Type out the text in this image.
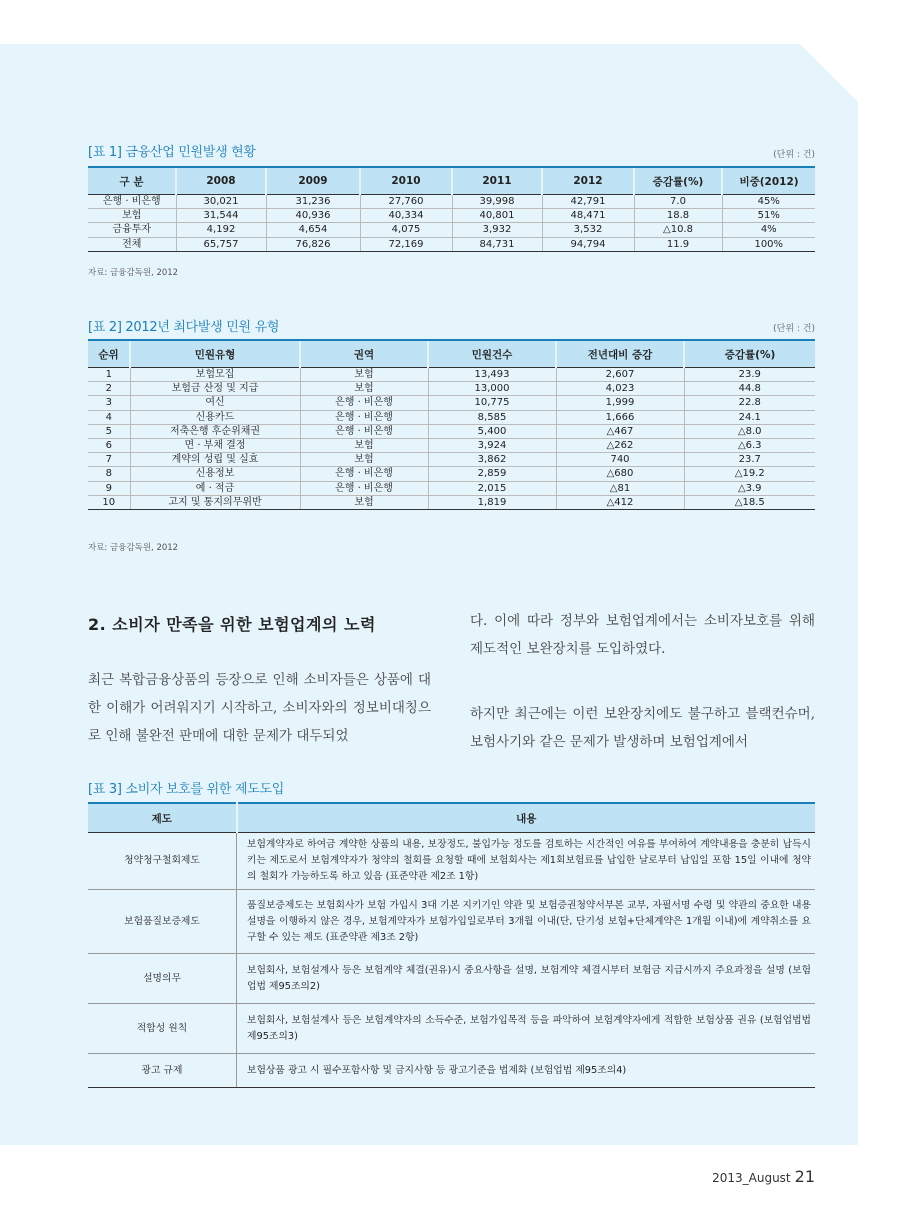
[표 1] 금융산업 민원발생 현황	(단위 : 건)
구 분	2008	2009	2010	2011	2012	증감률(%)	비중(2012)
은행 · 비은행	30,021	31,236	27,760	39,998	42,791	7.0	45%
보험	31,544	40,936	40,334	40,801	48,471	18.8	51%
금융투자	4,192	4,654	4,075	3,932	3,532	△10.8	4%
전체	65,757	76,826	72,169	84,731	94,794	11.9	100%
자료: 금융감독원, 2012
[표 2] 2012년 최다발생 민원 유형	(단위 : 건)
순위	민원유형	권역	민원건수	전년대비 증감	증감률(%)
1	보험모집	보험	13,493	2,607	23.9
2	보험금 산정 및 지급	보험	13,000	4,023	44.8
3	여신	은행 · 비은행	10,775	1,999	22.8
4	신용카드	은행 · 비은행	8,585	1,666	24.1
5	저축은행 후순위채권	은행 · 비은행	5,400	△467	△8.0
6	면 · 부채 결정	보험	3,924	△262	△6.3
7	계약의 성립 및 실효	보험	3,862	740	23.7
8	신용정보	은행 · 비은행	2,859	△680	△19.2
9	예 · 적금	은행 · 비은행	2,015	△81	△3.9
10	고지 및 통지의무위반	보험	1,819	△412	△18.5
자료: 금융감독원, 2012
2. 소비자 만족을 위한 보험업계의 노력
최근 복합금융상품의 등장으로 인해 소비자들은 상품에 대한 이해가 어려워지기 시작하고, 소비자와의 정보비대칭으로 인해 불완전 판매에 대한 문제가 대두되었
다. 이에 따라 정부와 보험업계에서는 소비자보호를 위해 제도적인 보완장치를 도입하였다.
하지만 최근에는 이런 보완장치에도 불구하고 블랙컨슈머, 보험사기와 같은 문제가 발생하며 보험업계에서
[표 3] 소비자 보호를 위한 제도도입
제도	내용
청약청구철회제도	보험계약자로 하여금 계약한 상품의 내용, 보장정도, 불입가능 정도를 검토하는 시간적인 여유를 부여하여 계약내용을 충분히 납득시키는 제도로서 보험계약자가 청약의 철회를 요청할 때에 보험회사는 제1회보험료를 납입한 날로부터 납입일 포함 15일 이내에 청약의 철회가 가능하도록 하고 있음 (표준약관 제2조 1항)
보험품질보증제도	품질보증제도는 보험회사가 보험 가입시 3대 기본 지키기인 약관 및 보험증권청약서부본 교부, 자필서명 수령 및 약관의 중요한 내용설명을 이행하지 않은 경우, 보험계약자가 보험가입일로부터 3개월 이내(단, 단기성 보험+단체계약은 1개월 이내)에 계약취소를 요구할 수 있는 제도 (표준약관 제3조 2항)
설명의무	보험회사, 보험설계사 등은 보험계약 체결(권유)시 중요사항을 설명, 보험계약 체결시부터 보험금 지급시까지 주요과정을 설명 (보험업법 제95조의2)
적합성 원칙	보험회사, 보험설계사 등은 보험계약자의 소득수준, 보험가입목적 등을 파악하여 보험계약자에게 적합한 보험상품 권유 (보험업법법 제95조의3)
광고 규제	보험상품 광고 시 필수포함사항 및 금지사항 등 광고기준을 법제화 (보험업법 제95조의4)
2013_August 21
